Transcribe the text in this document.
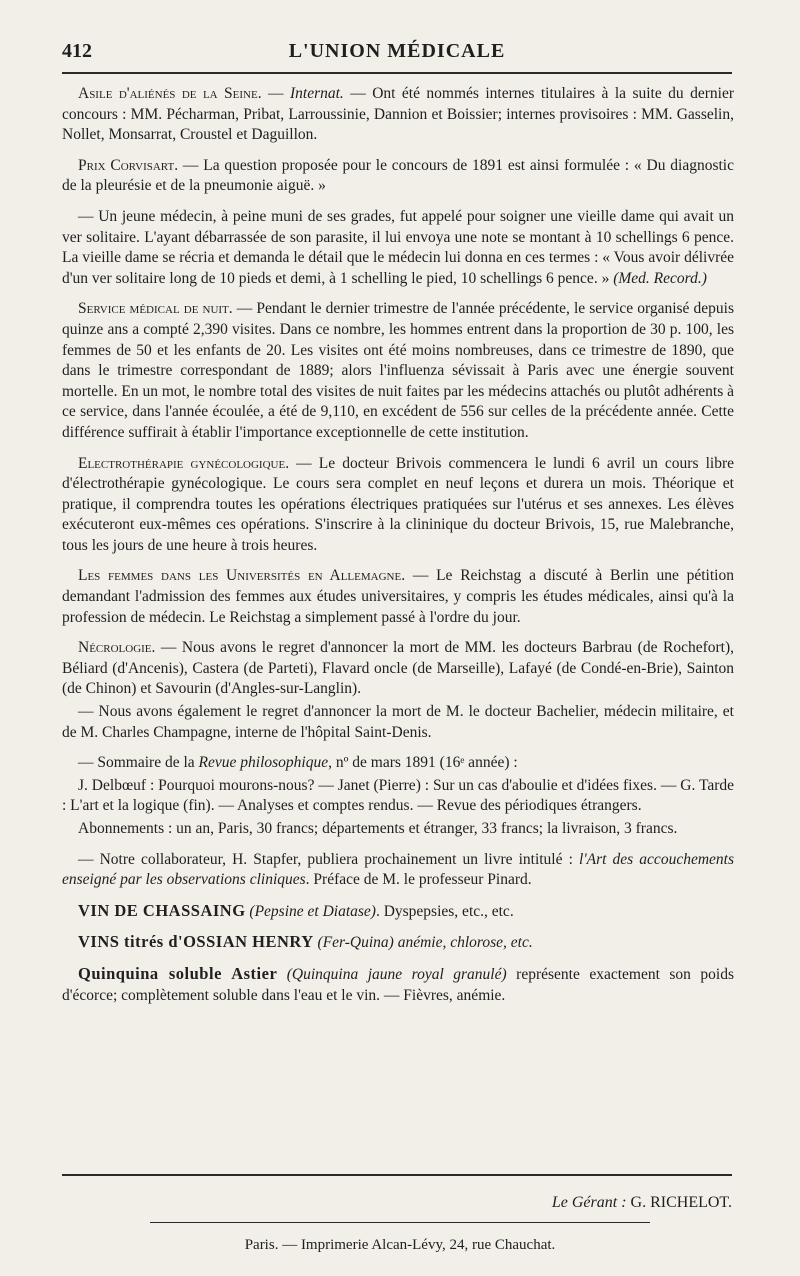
412	L'UNION MÉDICALE

Asile d'aliénés de la Seine. — Internat. — Ont été nommés internes titulaires à la suite du dernier concours : MM. Pécharman, Pribat, Larroussinie, Dannion et Boissier; internes provisoires : MM. Gasselin, Nollet, Monsarrat, Croustel et Daguillon.

Prix Corvisart. — La question proposée pour le concours de 1891 est ainsi formulée : « Du diagnostic de la pleurésie et de la pneumonie aiguë. »

— Un jeune médecin, à peine muni de ses grades, fut appelé pour soigner une vieille dame qui avait un ver solitaire. L'ayant débarrassée de son parasite, il lui envoya une note se montant à 10 schellings 6 pence. La vieille dame se récria et demanda le détail que le médecin lui donna en ces termes : « Vous avoir délivrée d'un ver solitaire long de 10 pieds et demi, à 1 schelling le pied, 10 schellings 6 pence. » (Med. Record.)

Service médical de nuit. — Pendant le dernier trimestre de l'année précédente, le service organisé depuis quinze ans a compté 2,390 visites. Dans ce nombre, les hommes entrent dans la proportion de 30 p. 100, les femmes de 50 et les enfants de 20. Les visites ont été moins nombreuses, dans ce trimestre de 1890, que dans le trimestre correspondant de 1889; alors l'influenza sévissait à Paris avec une énergie souvent mortelle. En un mot, le nombre total des visites de nuit faites par les médecins attachés ou plutôt adhérents à ce service, dans l'année écoulée, a été de 9,110, en excédent de 556 sur celles de la précédente année. Cette différence suffirait à établir l'importance exceptionnelle de cette institution.

Electrothérapie gynécologique. — Le docteur Brivois commencera le lundi 6 avril un cours libre d'électrothérapie gynécologique. Le cours sera complet en neuf leçons et durera un mois. Théorique et pratique, il comprendra toutes les opérations électriques pratiquées sur l'utérus et ses annexes. Les élèves exécuteront eux-mêmes ces opérations. S'inscrire à la clininique du docteur Brivois, 15, rue Malebranche, tous les jours de une heure à trois heures.

Les femmes dans les Universités en Allemagne. — Le Reichstag a discuté à Berlin une pétition demandant l'admission des femmes aux études universitaires, y compris les études médicales, ainsi qu'à la profession de médecin. Le Reichstag a simplement passé à l'ordre du jour.

Nécrologie. — Nous avons le regret d'annoncer la mort de MM. les docteurs Barbrau (de Rochefort), Béliard (d'Ancenis), Castera (de Parteti), Flavard oncle (de Marseille), Lafayé (de Condé-en-Brie), Sainton (de Chinon) et Savourin (d'Angles-sur-Langlin).

— Nous avons également le regret d'annoncer la mort de M. le docteur Bachelier, médecin militaire, et de M. Charles Champagne, interne de l'hôpital Saint-Denis.

— Sommaire de la Revue philosophique, nº de mars 1891 (16ᵉ année) :

J. Delbœuf : Pourquoi mourons-nous? — Janet (Pierre) : Sur un cas d'aboulie et d'idées fixes. — G. Tarde : L'art et la logique (fin). — Analyses et comptes rendus. — Revue des périodiques étrangers.

Abonnements : un an, Paris, 30 francs; départements et étranger, 33 francs; la livraison, 3 francs.

— Notre collaborateur, H. Stapfer, publiera prochainement un livre intitulé : l'Art des accouchements enseigné par les observations cliniques. Préface de M. le professeur Pinard.

VIN DE CHASSAING (Pepsine et Diatase). Dyspepsies, etc., etc.

VINS titrés d'OSSIAN HENRY (Fer-Quina) anémie, chlorose, etc.

Quinquina soluble Astier (Quinquina jaune royal granulé) représente exactement son poids d'écorce; complètement soluble dans l'eau et le vin. — Fièvres, anémie.

Le Gérant : G. RICHELOT.
Paris. — Imprimerie Alcan-Lévy, 24, rue Chauchat.
